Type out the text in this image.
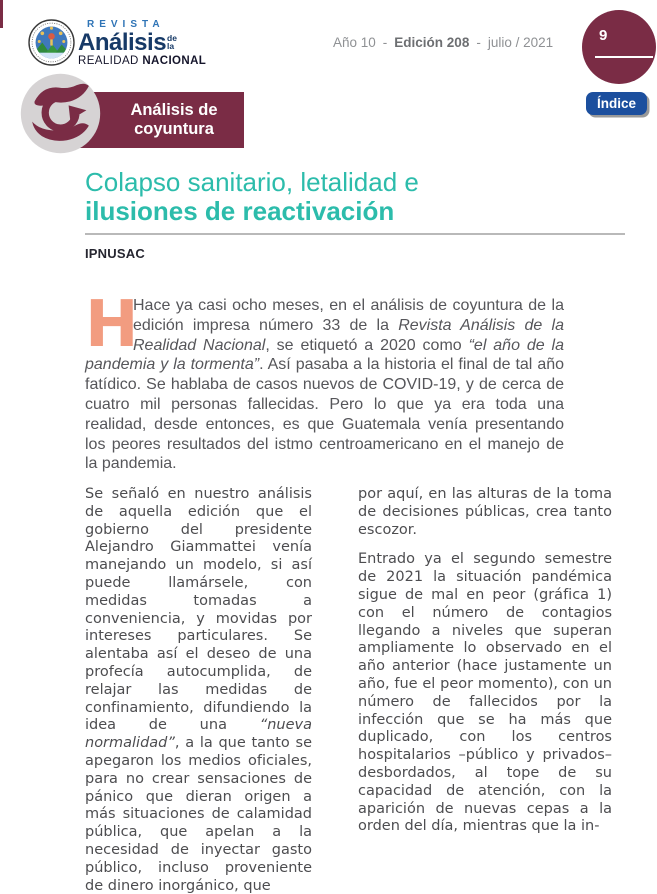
REVISTA
Análisis de
la
REALIDAD NACIONAL
Año 10 - Edición 208 - julio / 2021	9
Índice
Análisis de
coyuntura
Colapso sanitario, letalidad e
ilusiones de reactivación
IPNUSAC
H

Hace ya casi ocho meses, en el análisis de coyuntura de la edición impresa número 33 de la Revista Análisis de la Realidad Nacional, se etiquetó a 2020 como “el año de la pandemia y la tormenta”. Así pasaba a la historia el final de tal año fatídico. Se hablaba de casos nuevos de COVID-19, y de cerca de cuatro mil personas fallecidas. Pero lo que ya era toda una realidad, desde entonces, es que Guatemala venía presentando los peores resultados del istmo centroamericano en el manejo de la pandemia.

Se señaló en nuestro análisis de aquella edición que el gobierno del presidente Alejandro Giammattei venía manejando un modelo, si así puede llamársele, con medidas tomadas a conveniencia, y movidas por intereses particulares. Se alentaba así el deseo de una profecía autocumplida, de relajar las medidas de confinamiento, difundiendo la idea de una “nueva normalidad”, a la que tanto se apegaron los medios oficiales, para no crear sensaciones de pánico que dieran origen a más situaciones de calamidad pública, que apelan a la necesidad de inyectar gasto público, incluso proveniente de dinero inorgánico, que

por aquí, en las alturas de la toma de decisiones públicas, crea tanto escozor.

Entrado ya el segundo semestre de 2021 la situación pandémica sigue de mal en peor (gráfica 1) con el número de contagios llegando a niveles que superan ampliamente lo observado en el año anterior (hace justamente un año, fue el peor momento), con un número de fallecidos por la infección que se ha más que duplicado, con los centros hospitalarios –público y privados– desbordados, al tope de su capacidad de atención, con la aparición de nuevas cepas a la orden del día, mientras que la in-
